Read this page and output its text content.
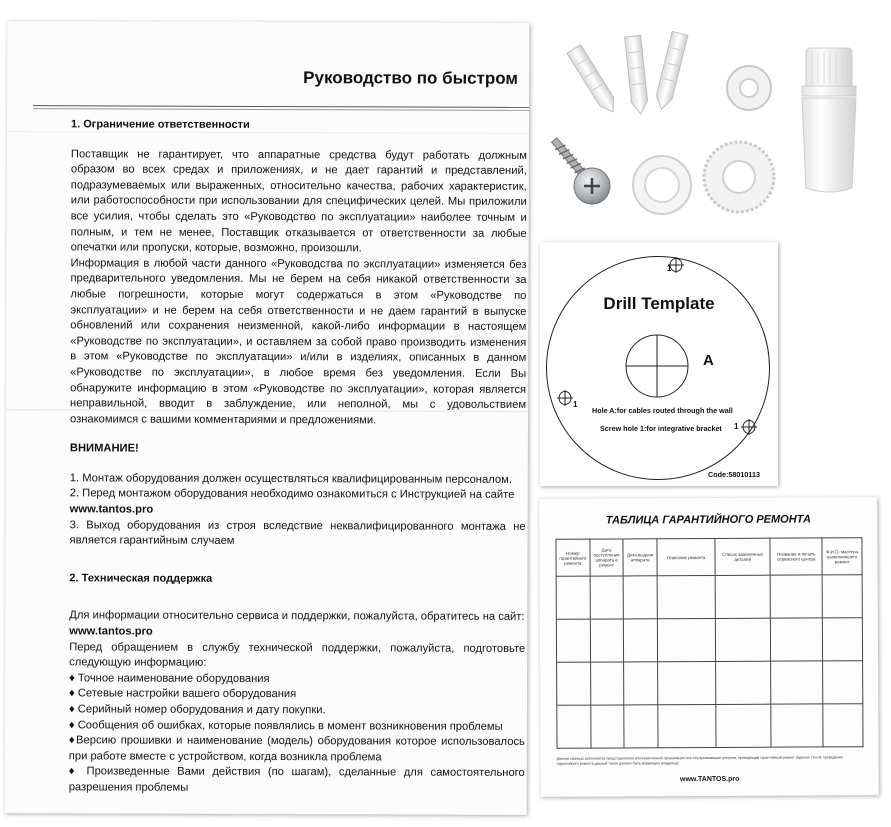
Руководство по быстром
1. Ограничение ответственности

Поставщик не гарантирует, что аппаратные средства будут работать должным образом во всех средах и приложениях, и не дает гарантий и представлений, подразумеваемых или выраженных, относительно качества, рабочих характеристик, или работоспособности при использовании для специфических целей. Мы приложили все усилия, чтобы сделать это «Руководство по эксплуатации» наиболее точным и полным, и тем не менее, Поставщик отказывается от ответственности за любые опечатки или пропуски, которые, возможно, произошли.

Информация в любой части данного «Руководства по эксплуатации» изменяется без предварительного уведомления. Мы не берем на себя никакой ответственности за любые погрешности, которые могут содержаться в этом «Руководстве по эксплуатации» и не берем на себя ответственности и не даем гарантий в выпуске обновлений или сохранения неизменной, какой-либо информации в настоящем «Руководстве по эксплуатации», и оставляем за собой право производить изменения в этом «Руководстве по эксплуатации» и/или в изделиях, описанных в данном «Руководстве по эксплуатации», в любое время без уведомления. Если Вы обнаружите информацию в этом «Руководстве по эксплуатации», которая является неправильной, вводит в заблуждение, или неполной, мы с удовольствием ознакомимся с вашими комментариями и предложениями.

ВНИМАНИЕ!

1. Монтаж оборудования должен осуществляться квалифицированным персоналом.

2. Перед монтажом оборудования необходимо ознакомиться с Инструкцией на сайте

www.tantos.pro

3. Выход оборудования из строя вследствие неквалифицированного монтажа не является гарантийным случаем

2. Техническая поддержка

Для информации относительно сервиса и поддержки, пожалуйста, обратитесь на сайт:

www.tantos.pro

Перед обращением в службу технической поддержки, пожалуйста, подготовьте следующую информацию:

♦ Точное наименование оборудования

♦ Сетевые настройки вашего оборудования

♦ Серийный номер оборудования и дату покупки.

♦ Сообщения об ошибках, которые появлялись в момент возникновения проблемы

♦Версию прошивки и наименование (модель) оборудования которое использовалось при работе вместе с устройством, когда возникла проблема

♦ Произведенные Вами действия (по шагам), сделанные для самостоятельного разрешения проблемы

1
1
1
Drill Template
A
Hole A:for cables routed through the wall
Screw hole 1:for integrative bracket
Code:58010113
ТАБЛИЦА ГАРАНТИЙНОГО РЕМОНТА
Номер гарантийного ремонта	Дата поступления аппарата в ремонт	Дата выдачи аппарата	Описание ремонта	Список замененных деталей	Название и печать сервисного центра	Ф.И.О. мастера выполнившего ремонт

Данная таблица заполняется представителем уполномоченной организации или обслуживающим центром, проводящим гарантийный ремонт изделия. После проведения гарантийного ремонта данный талон должен быть возвращен владельцу
www.TANTOS.pro
